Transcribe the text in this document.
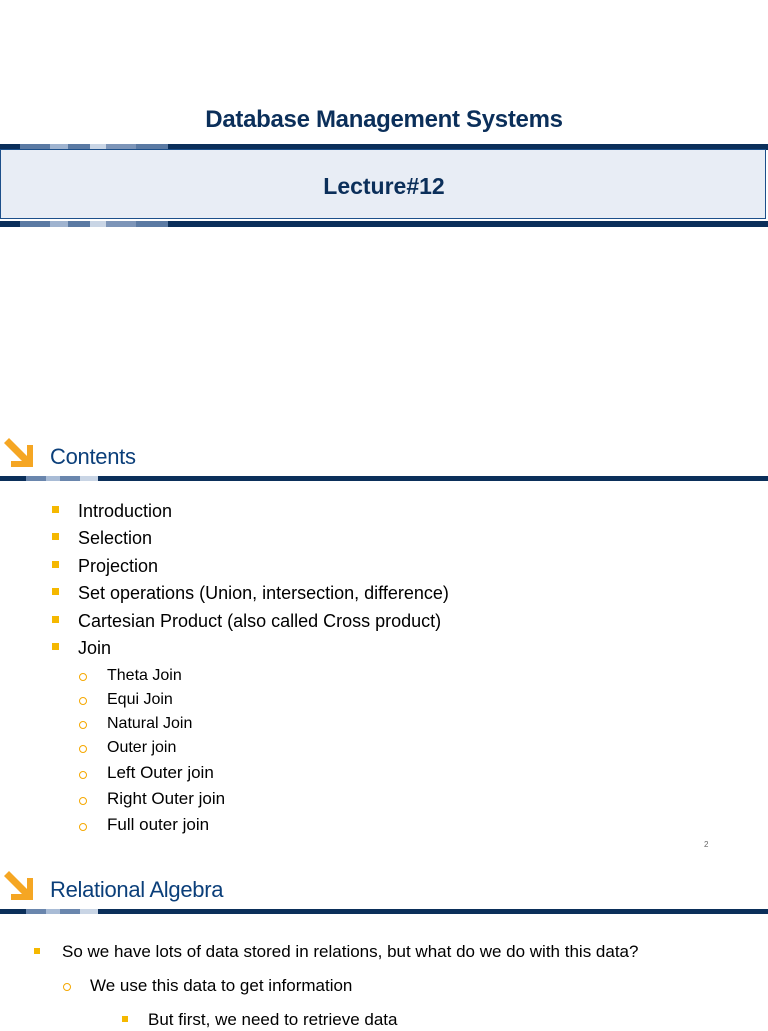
Database Management Systems
Lecture#12
Contents
Introduction
Selection
Projection
Set operations (Union, intersection, difference)
Cartesian Product (also called Cross product)
Join
Theta Join
Equi Join
Natural Join
Outer join
Left Outer join
Right Outer join
Full outer join
2
Relational Algebra
So we have lots of data stored in relations, but what do we do with this data?
We use this data to get information
But first, we need to retrieve data
